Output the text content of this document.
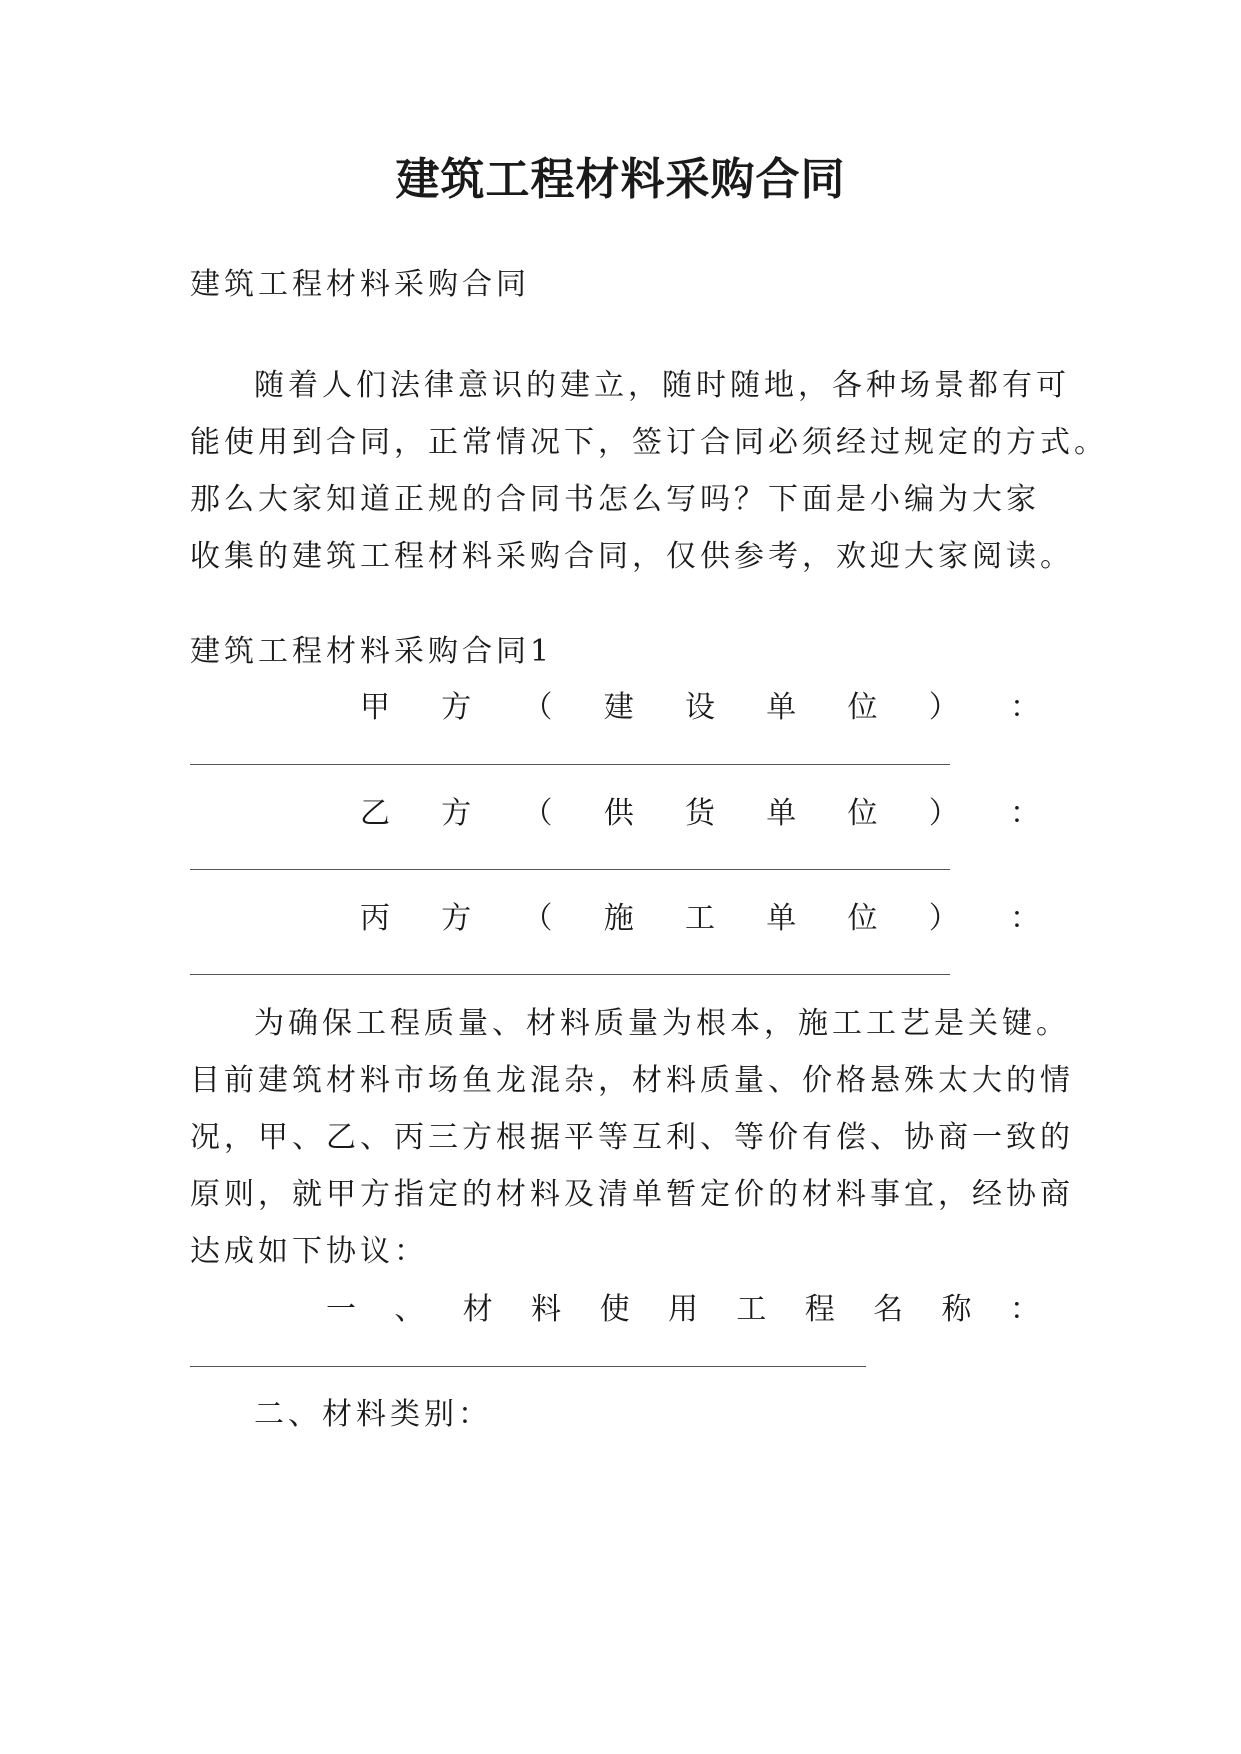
建筑工程材料采购合同
建筑工程材料采购合同
随着人们法律意识的建立，随时随地，各种场景都有可
能使用到合同，正常情况下，签订合同必须经过规定的方式。
那么大家知道正规的合同书怎么写吗？下面是小编为大家
收集的建筑工程材料采购合同，仅供参考，欢迎大家阅读。
建筑工程材料采购合同1
甲 方 （ 建 设 单 位 ） ：
乙 方 （ 供 货 单 位 ） ：
丙 方 （ 施 工 单 位 ） ：
为确保工程质量、材料质量为根本，施工工艺是关键。
目前建筑材料市场鱼龙混杂，材料质量、价格悬殊太大的情
况，甲、乙、丙三方根据平等互利、等价有偿、协商一致的
原则，就甲方指定的材料及清单暂定价的材料事宜，经协商
达成如下协议：
一 、 材 料 使 用 工 程 名 称 ：
二、材料类别：
